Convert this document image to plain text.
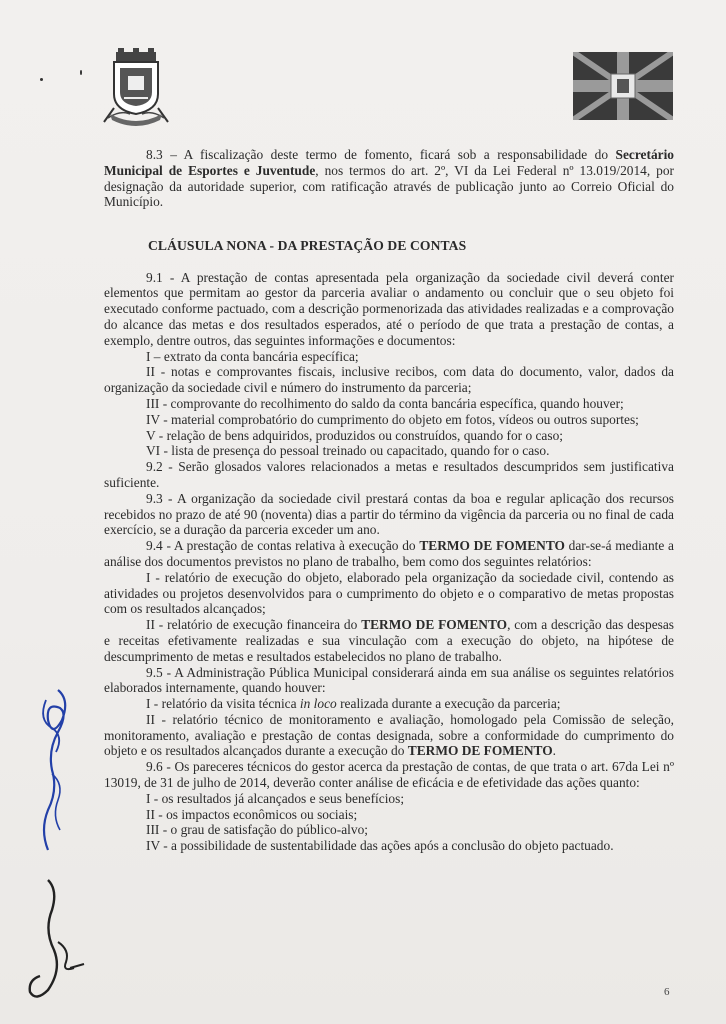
8.3 – A fiscalização deste termo de fomento, ficará sob a responsabilidade do Secretário Municipal de Esportes e Juventude, nos termos do art. 2º, VI da Lei Federal nº 13.019/2014, por designação da autoridade superior, com ratificação através de publicação junto ao Correio Oficial do Município.

CLÁUSULA NONA - DA PRESTAÇÃO DE CONTAS

9.1 - A prestação de contas apresentada pela organização da sociedade civil deverá conter elementos que permitam ao gestor da parceria avaliar o andamento ou concluir que o seu objeto foi executado conforme pactuado, com a descrição pormenorizada das atividades realizadas e a comprovação do alcance das metas e dos resultados esperados, até o período de que trata a prestação de contas, a exemplo, dentre outros, das seguintes informações e documentos:

I – extrato da conta bancária específica;

II - notas e comprovantes fiscais, inclusive recibos, com data do documento, valor, dados da organização da sociedade civil e número do instrumento da parceria;

III - comprovante do recolhimento do saldo da conta bancária específica, quando houver;

IV - material comprobatório do cumprimento do objeto em fotos, vídeos ou outros suportes;

V - relação de bens adquiridos, produzidos ou construídos, quando for o caso;

VI - lista de presença do pessoal treinado ou capacitado, quando for o caso.

9.2 - Serão glosados valores relacionados a metas e resultados descumpridos sem justificativa suficiente.

9.3 - A organização da sociedade civil prestará contas da boa e regular aplicação dos recursos recebidos no prazo de até 90 (noventa) dias a partir do término da vigência da parceria ou no final de cada exercício, se a duração da parceria exceder um ano.

9.4 - A prestação de contas relativa à execução do TERMO DE FOMENTO dar-se-á mediante a análise dos documentos previstos no plano de trabalho, bem como dos seguintes relatórios:

I - relatório de execução do objeto, elaborado pela organização da sociedade civil, contendo as atividades ou projetos desenvolvidos para o cumprimento do objeto e o comparativo de metas propostas com os resultados alcançados;

II - relatório de execução financeira do TERMO DE FOMENTO, com a descrição das despesas e receitas efetivamente realizadas e sua vinculação com a execução do objeto, na hipótese de descumprimento de metas e resultados estabelecidos no plano de trabalho.

9.5 - A Administração Pública Municipal considerará ainda em sua análise os seguintes relatórios elaborados internamente, quando houver:

I - relatório da visita técnica in loco realizada durante a execução da parceria;

II - relatório técnico de monitoramento e avaliação, homologado pela Comissão de seleção, monitoramento, avaliação e prestação de contas designada, sobre a conformidade do cumprimento do objeto e os resultados alcançados durante a execução do TERMO DE FOMENTO.

9.6 - Os pareceres técnicos do gestor acerca da prestação de contas, de que trata o art. 67da Lei nº 13019, de 31 de julho de 2014, deverão conter análise de eficácia e de efetividade das ações quanto:

I - os resultados já alcançados e seus benefícios;

II - os impactos econômicos ou sociais;

III - o grau de satisfação do público-alvo;

IV - a possibilidade de sustentabilidade das ações após a conclusão do objeto pactuado.

6
